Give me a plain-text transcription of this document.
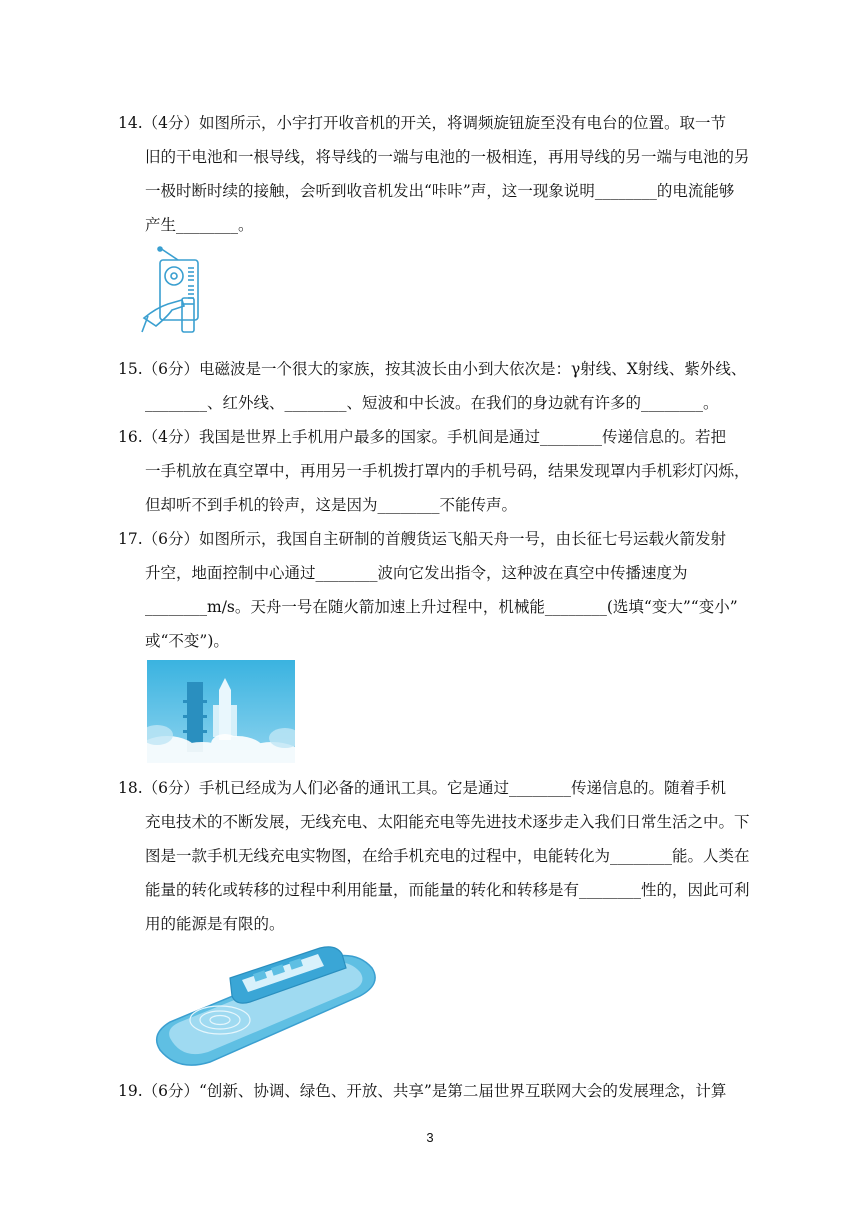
14.（4分）如图所示，小宇打开收音机的开关，将调频旋钮旋至没有电台的位置。取一节
旧的干电池和一根导线，将导线的一端与电池的一极相连，再用导线的另一端与电池的另
一极时断时续的接触，会听到收音机发出“咔咔”声，这一现象说明________的电流能够
产生________。
15.（6分）电磁波是一个很大的家族，按其波长由小到大依次是：γ射线、X射线、紫外线、
________、红外线、________、短波和中长波。在我们的身边就有许多的________。
16.（4分）我国是世界上手机用户最多的国家。手机间是通过________传递信息的。若把
一手机放在真空罩中，再用另一手机拨打罩内的手机号码，结果发现罩内手机彩灯闪烁，
但却听不到手机的铃声，这是因为________不能传声。
17.（6分）如图所示，我国自主研制的首艘货运飞船天舟一号，由长征七号运载火箭发射
升空，地面控制中心通过________波向它发出指令，这种波在真空中传播速度为
________m/s。天舟一号在随火箭加速上升过程中，机械能________(选填“变大”“变小”
或“不变”)。
18.（6分）手机已经成为人们必备的通讯工具。它是通过________传递信息的。随着手机
充电技术的不断发展，无线充电、太阳能充电等先进技术逐步走入我们日常生活之中。下
图是一款手机无线充电实物图，在给手机充电的过程中，电能转化为________能。人类在
能量的转化或转移的过程中利用能量，而能量的转化和转移是有________性的，因此可利
用的能源是有限的。
19.（6分）“创新、协调、绿色、开放、共享”是第二届世界互联网大会的发展理念，计算
3
